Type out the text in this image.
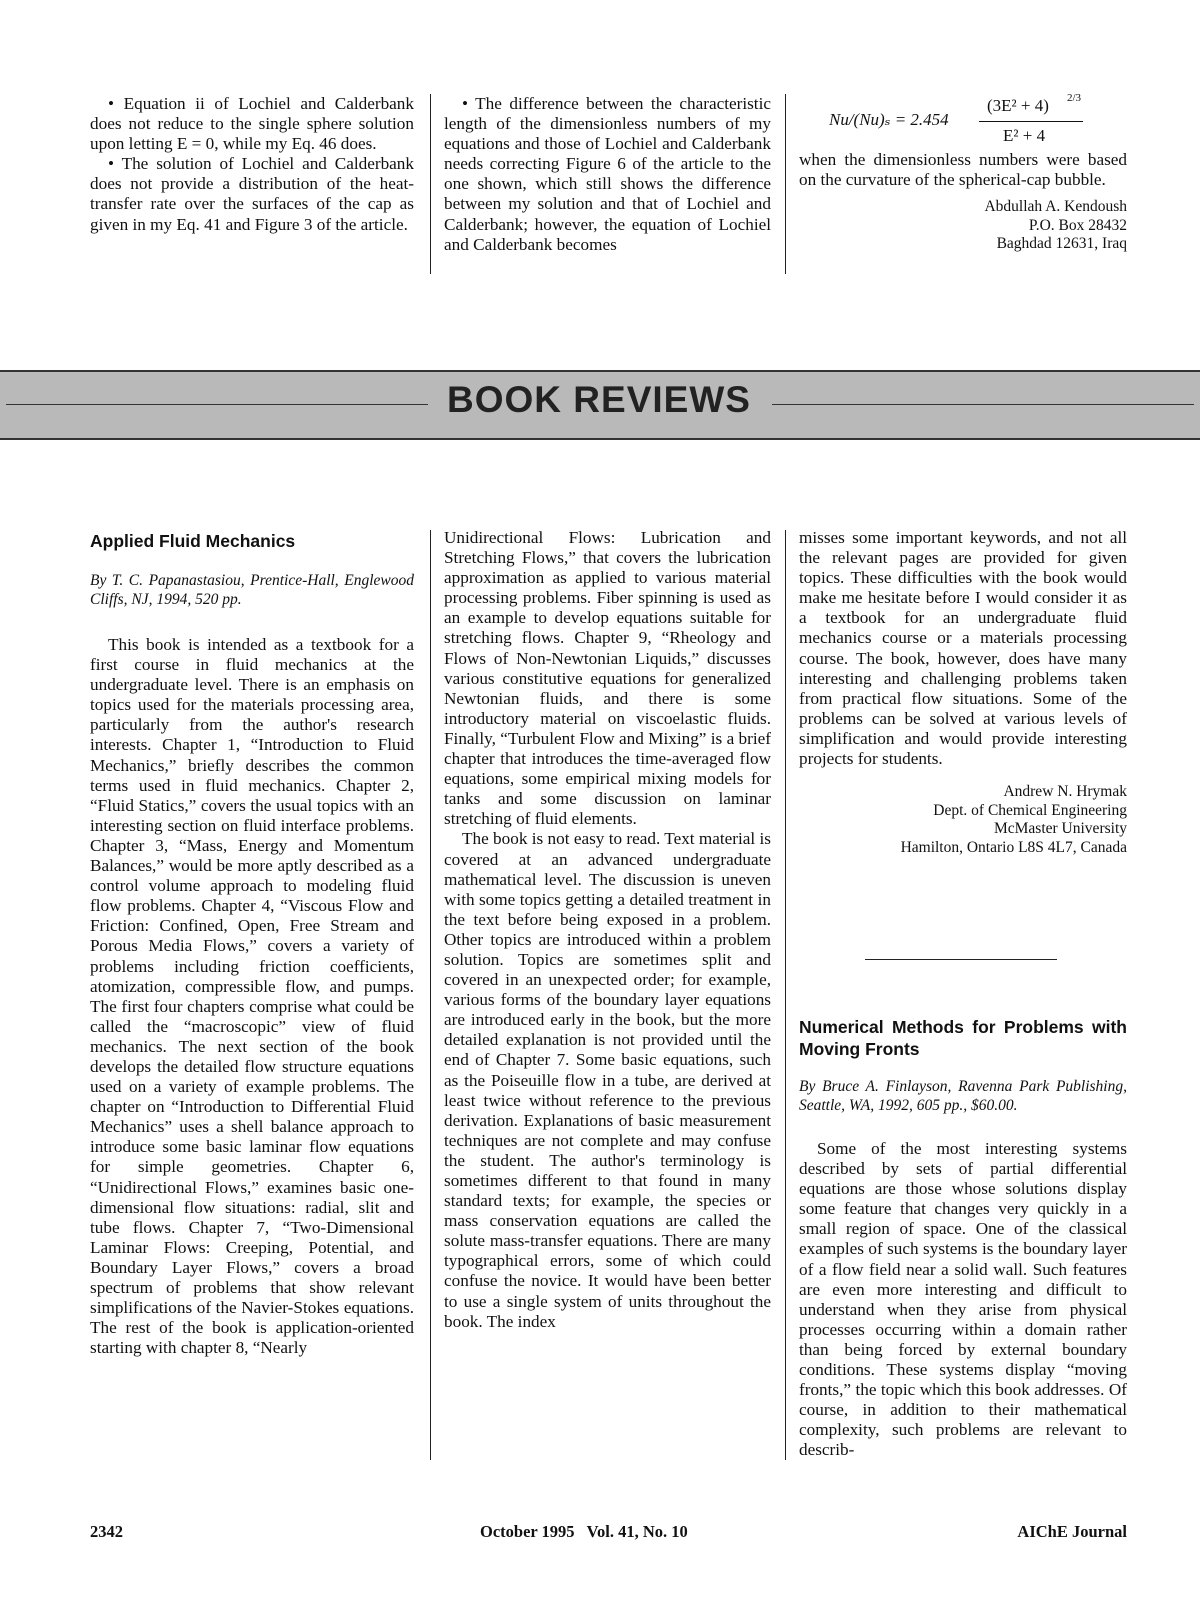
• Equation ii of Lochiel and Calderbank does not reduce to the single sphere solution upon letting E = 0, while my Eq. 46 does.

• The solution of Lochiel and Calderbank does not provide a distribution of the heat-transfer rate over the surfaces of the cap as given in my Eq. 41 and Figure 3 of the article.

• The difference between the characteristic length of the dimensionless numbers of my equations and those of Lochiel and Calderbank needs correcting Figure 6 of the article to the one shown, which still shows the difference between my solution and that of Lochiel and Calderbank; however, the equation of Lochiel and Calderbank becomes

Nu/(Nu)ₛ = 2.454
(3E² + 4) 2/3
E² + 4

when the dimensionless numbers were based on the curvature of the spherical-cap bubble.

Abdullah A. Kendoush
P.O. Box 28432
Baghdad 12631, Iraq
BOOK REVIEWS

Applied Fluid Mechanics

By T. C. Papanastasiou, Prentice-Hall, Englewood Cliffs, NJ, 1994, 520 pp.

This book is intended as a textbook for a first course in fluid mechanics at the undergraduate level. There is an emphasis on topics used for the materials processing area, particularly from the author's research interests. Chapter 1, “Introduction to Fluid Mechanics,” briefly describes the common terms used in fluid mechanics. Chapter 2, “Fluid Statics,” covers the usual topics with an interesting section on fluid interface problems. Chapter 3, “Mass, Energy and Momentum Balances,” would be more aptly described as a control volume approach to modeling fluid flow problems. Chapter 4, “Viscous Flow and Friction: Confined, Open, Free Stream and Porous Media Flows,” covers a variety of problems including friction coefficients, atomization, compressible flow, and pumps. The first four chapters comprise what could be called the “macroscopic” view of fluid mechanics. The next section of the book develops the detailed flow structure equations used on a variety of example problems. The chapter on “Introduction to Differential Fluid Mechanics” uses a shell balance approach to introduce some basic laminar flow equations for simple geometries. Chapter 6, “Unidirectional Flows,” examines basic one-dimensional flow situations: radial, slit and tube flows. Chapter 7, “Two-Dimensional Laminar Flows: Creeping, Potential, and Boundary Layer Flows,” covers a broad spectrum of problems that show relevant simplifications of the Navier-Stokes equations. The rest of the book is application-oriented starting with chapter 8, “Nearly

Unidirectional Flows: Lubrication and Stretching Flows,” that covers the lubrication approximation as applied to various material processing problems. Fiber spinning is used as an example to develop equations suitable for stretching flows. Chapter 9, “Rheology and Flows of Non-Newtonian Liquids,” discusses various constitutive equations for generalized Newtonian fluids, and there is some introductory material on viscoelastic fluids. Finally, “Turbulent Flow and Mixing” is a brief chapter that introduces the time-averaged flow equations, some empirical mixing models for tanks and some discussion on laminar stretching of fluid elements.

The book is not easy to read. Text material is covered at an advanced undergraduate mathematical level. The discussion is uneven with some topics getting a detailed treatment in the text before being exposed in a problem. Other topics are introduced within a problem solution. Topics are sometimes split and covered in an unexpected order; for example, various forms of the boundary layer equations are introduced early in the book, but the more detailed explanation is not provided until the end of Chapter 7. Some basic equations, such as the Poiseuille flow in a tube, are derived at least twice without reference to the previous derivation. Explanations of basic measurement techniques are not complete and may confuse the student. The author's terminology is sometimes different to that found in many standard texts; for example, the species or mass conservation equations are called the solute mass-transfer equations. There are many typographical errors, some of which could confuse the novice. It would have been better to use a single system of units throughout the book. The index

misses some important keywords, and not all the relevant pages are provided for given topics. These difficulties with the book would make me hesitate before I would consider it as a textbook for an undergraduate fluid mechanics course or a materials processing course. The book, however, does have many interesting and challenging problems taken from practical flow situations. Some of the problems can be solved at various levels of simplification and would provide interesting projects for students.

Andrew N. Hrymak
Dept. of Chemical Engineering
McMaster University
Hamilton, Ontario L8S 4L7, Canada

Numerical Methods for Problems with Moving Fronts

By Bruce A. Finlayson, Ravenna Park Publishing, Seattle, WA, 1992, 605 pp., $60.00.

Some of the most interesting systems described by sets of partial differential equations are those whose solutions display some feature that changes very quickly in a small region of space. One of the classical examples of such systems is the boundary layer of a flow field near a solid wall. Such features are even more interesting and difficult to understand when they arise from physical processes occurring within a domain rather than being forced by external boundary conditions. These systems display “moving fronts,” the topic which this book addresses. Of course, in addition to their mathematical complexity, such problems are relevant to describ-

2342	October 1995   Vol. 41, No. 10	AIChE Journal
